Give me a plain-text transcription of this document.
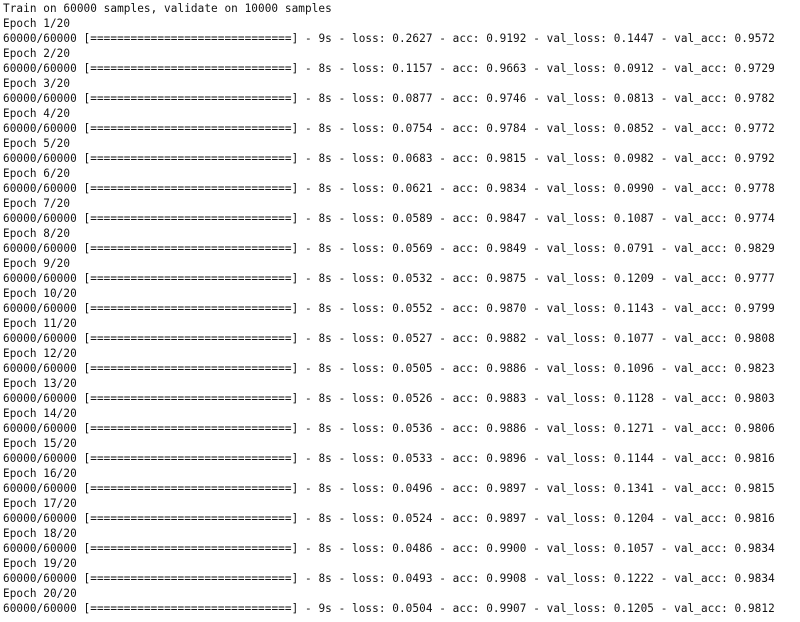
Train on 60000 samples, validate on 10000 samples
Epoch 1/20
60000/60000 [==============================] - 9s - loss: 0.2627 - acc: 0.9192 - val_loss: 0.1447 - val_acc: 0.9572
Epoch 2/20
60000/60000 [==============================] - 8s - loss: 0.1157 - acc: 0.9663 - val_loss: 0.0912 - val_acc: 0.9729
Epoch 3/20
60000/60000 [==============================] - 8s - loss: 0.0877 - acc: 0.9746 - val_loss: 0.0813 - val_acc: 0.9782
Epoch 4/20
60000/60000 [==============================] - 8s - loss: 0.0754 - acc: 0.9784 - val_loss: 0.0852 - val_acc: 0.9772
Epoch 5/20
60000/60000 [==============================] - 8s - loss: 0.0683 - acc: 0.9815 - val_loss: 0.0982 - val_acc: 0.9792
Epoch 6/20
60000/60000 [==============================] - 8s - loss: 0.0621 - acc: 0.9834 - val_loss: 0.0990 - val_acc: 0.9778
Epoch 7/20
60000/60000 [==============================] - 8s - loss: 0.0589 - acc: 0.9847 - val_loss: 0.1087 - val_acc: 0.9774
Epoch 8/20
60000/60000 [==============================] - 8s - loss: 0.0569 - acc: 0.9849 - val_loss: 0.0791 - val_acc: 0.9829
Epoch 9/20
60000/60000 [==============================] - 8s - loss: 0.0532 - acc: 0.9875 - val_loss: 0.1209 - val_acc: 0.9777
Epoch 10/20
60000/60000 [==============================] - 8s - loss: 0.0552 - acc: 0.9870 - val_loss: 0.1143 - val_acc: 0.9799
Epoch 11/20
60000/60000 [==============================] - 8s - loss: 0.0527 - acc: 0.9882 - val_loss: 0.1077 - val_acc: 0.9808
Epoch 12/20
60000/60000 [==============================] - 8s - loss: 0.0505 - acc: 0.9886 - val_loss: 0.1096 - val_acc: 0.9823
Epoch 13/20
60000/60000 [==============================] - 8s - loss: 0.0526 - acc: 0.9883 - val_loss: 0.1128 - val_acc: 0.9803
Epoch 14/20
60000/60000 [==============================] - 8s - loss: 0.0536 - acc: 0.9886 - val_loss: 0.1271 - val_acc: 0.9806
Epoch 15/20
60000/60000 [==============================] - 8s - loss: 0.0533 - acc: 0.9896 - val_loss: 0.1144 - val_acc: 0.9816
Epoch 16/20
60000/60000 [==============================] - 8s - loss: 0.0496 - acc: 0.9897 - val_loss: 0.1341 - val_acc: 0.9815
Epoch 17/20
60000/60000 [==============================] - 8s - loss: 0.0524 - acc: 0.9897 - val_loss: 0.1204 - val_acc: 0.9816
Epoch 18/20
60000/60000 [==============================] - 8s - loss: 0.0486 - acc: 0.9900 - val_loss: 0.1057 - val_acc: 0.9834
Epoch 19/20
60000/60000 [==============================] - 8s - loss: 0.0493 - acc: 0.9908 - val_loss: 0.1222 - val_acc: 0.9834
Epoch 20/20
60000/60000 [==============================] - 9s - loss: 0.0504 - acc: 0.9907 - val_loss: 0.1205 - val_acc: 0.9812
